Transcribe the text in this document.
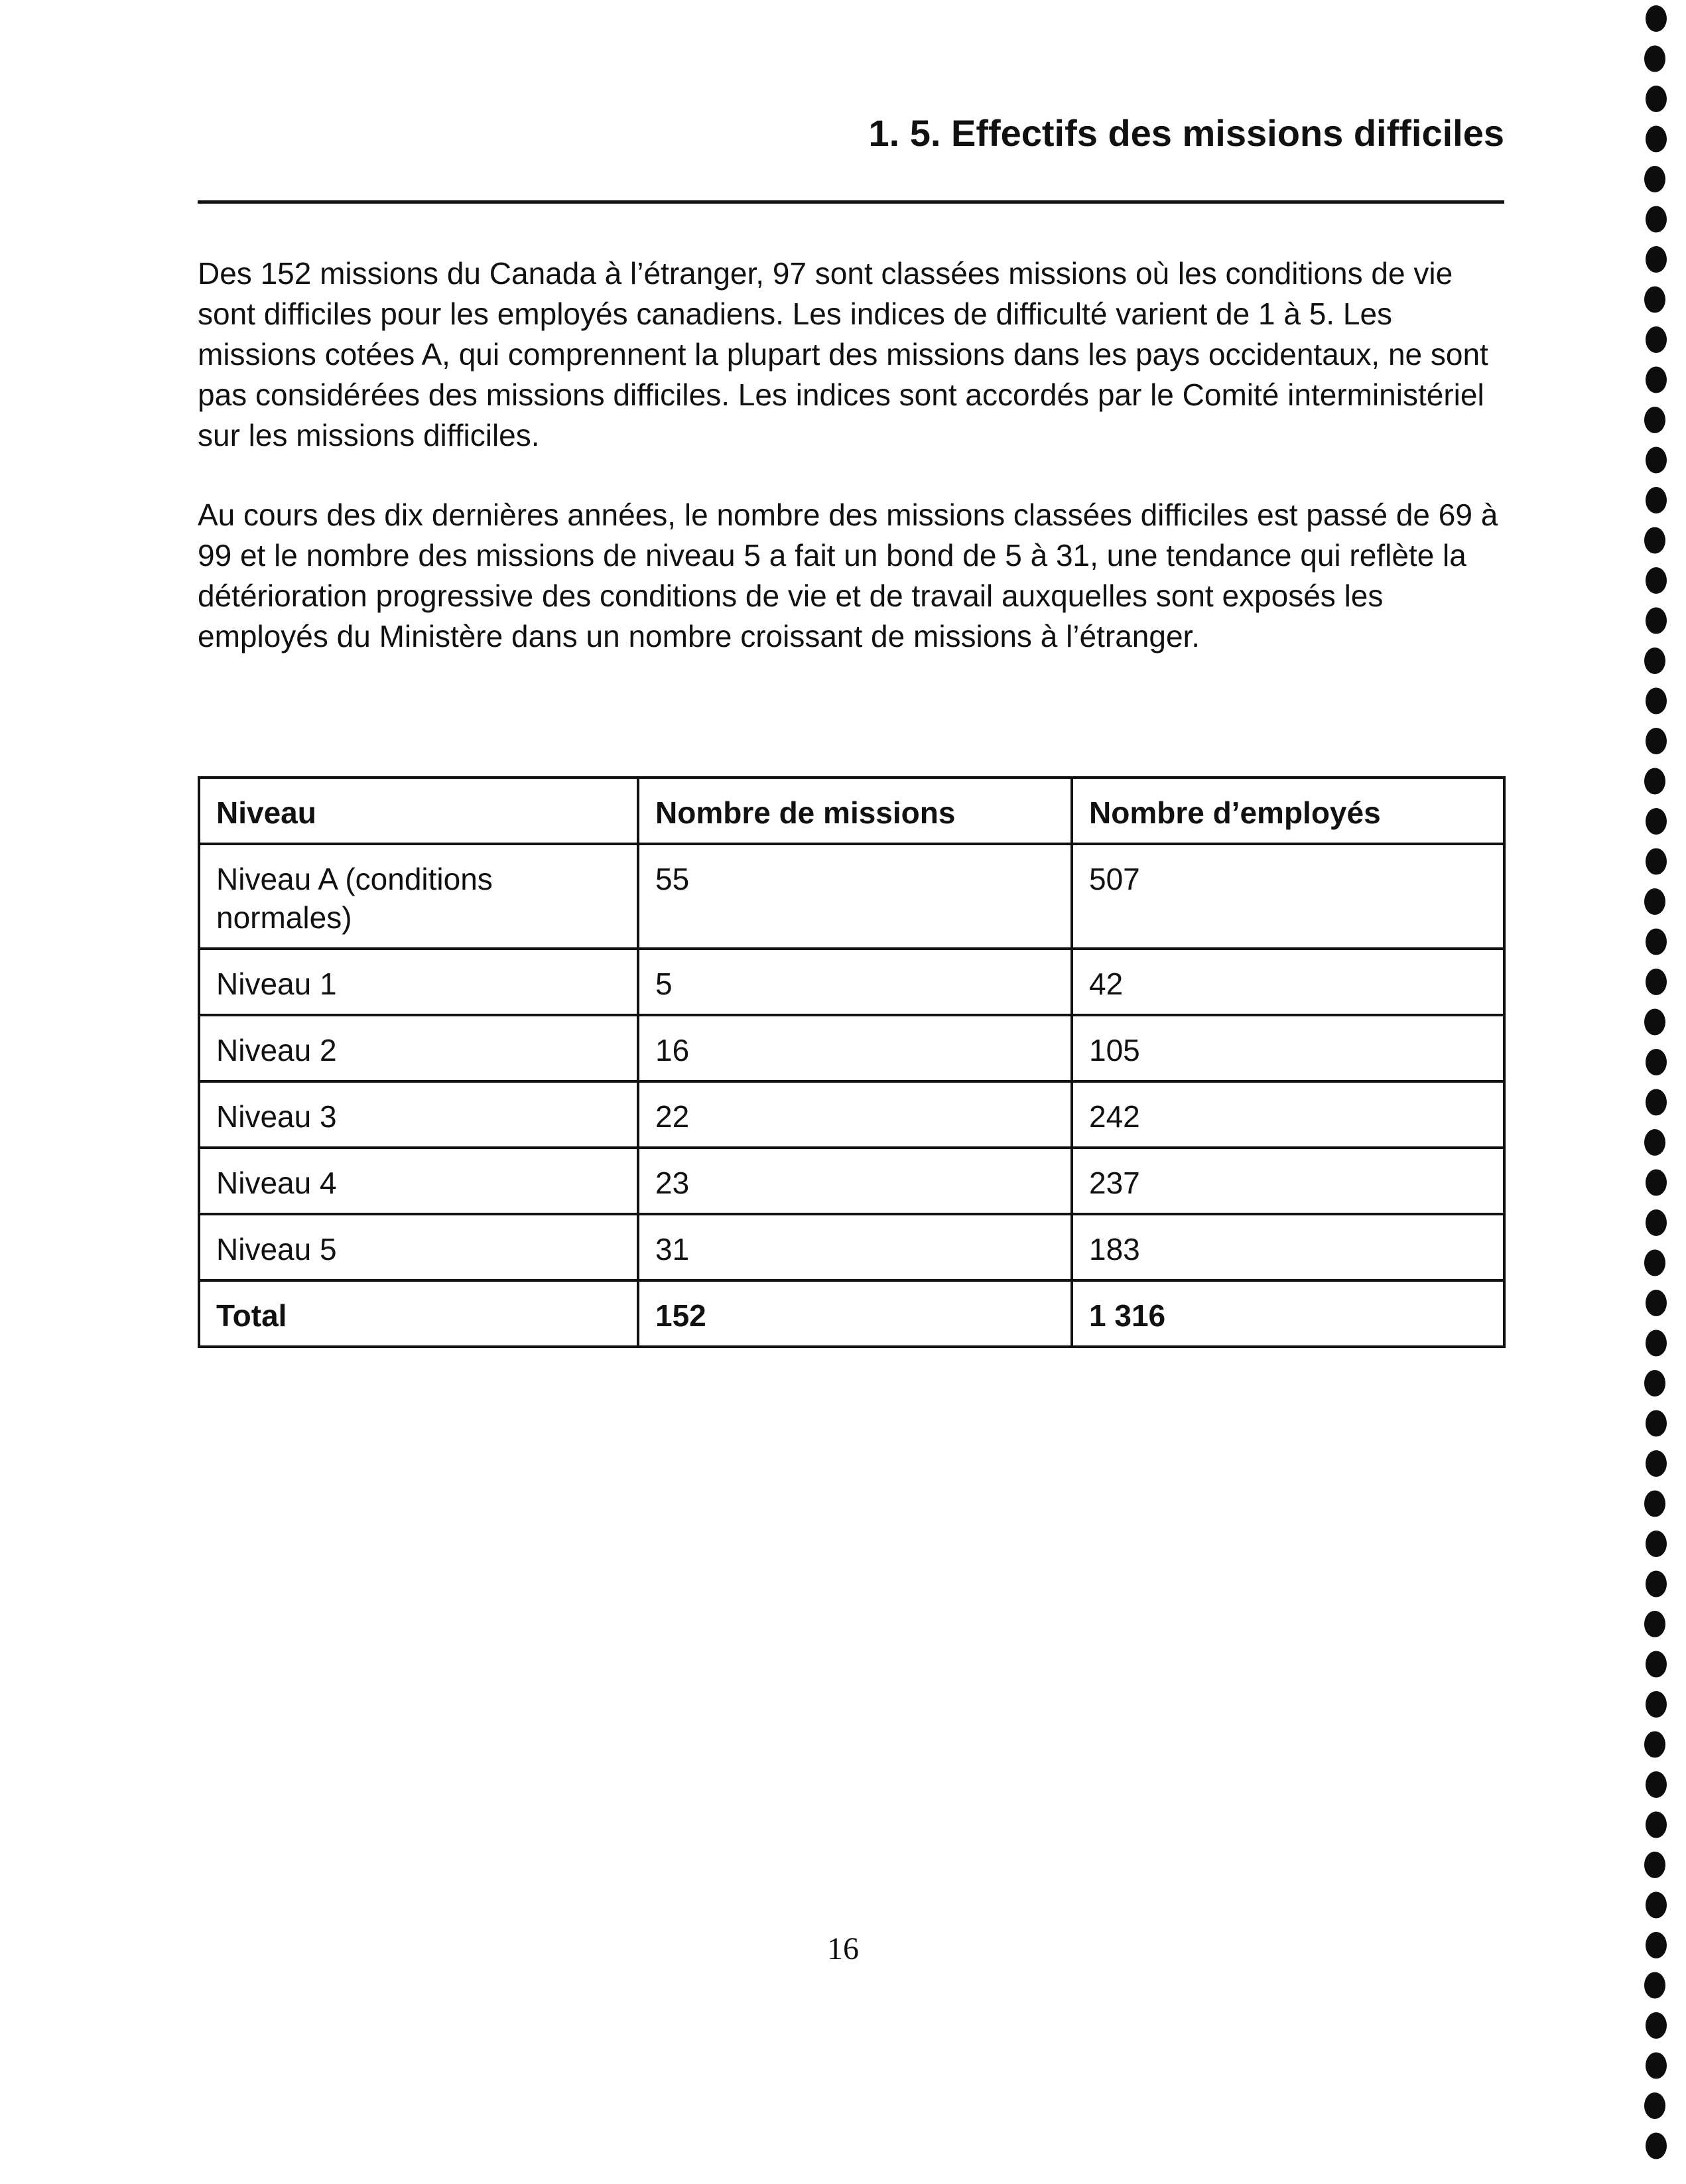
1. 5. Effectifs des missions difficiles

Des 152 missions du Canada à l’étranger, 97 sont classées missions où les conditions de vie sont difficiles pour les employés canadiens. Les indices de difficulté varient de 1 à 5. Les missions cotées A, qui comprennent la plupart des missions dans les pays occidentaux, ne sont pas considérées des missions difficiles. Les indices sont accordés par le Comité interministériel sur les missions difficiles.

Au cours des dix dernières années, le nombre des missions classées difficiles est passé de 69 à 99 et le nombre des missions de niveau 5 a fait un bond de 5 à 31, une tendance qui reflète la détérioration progressive des conditions de vie et de travail auxquelles sont exposés les employés du Ministère dans un nombre croissant de missions à l’étranger.

Niveau	Nombre de missions	Nombre d’employés
Niveau A (conditions normales)	55	507
Niveau 1	5	42
Niveau 2	16	105
Niveau 3	22	242
Niveau 4	23	237
Niveau 5	31	183
Total	152	1 316
16
